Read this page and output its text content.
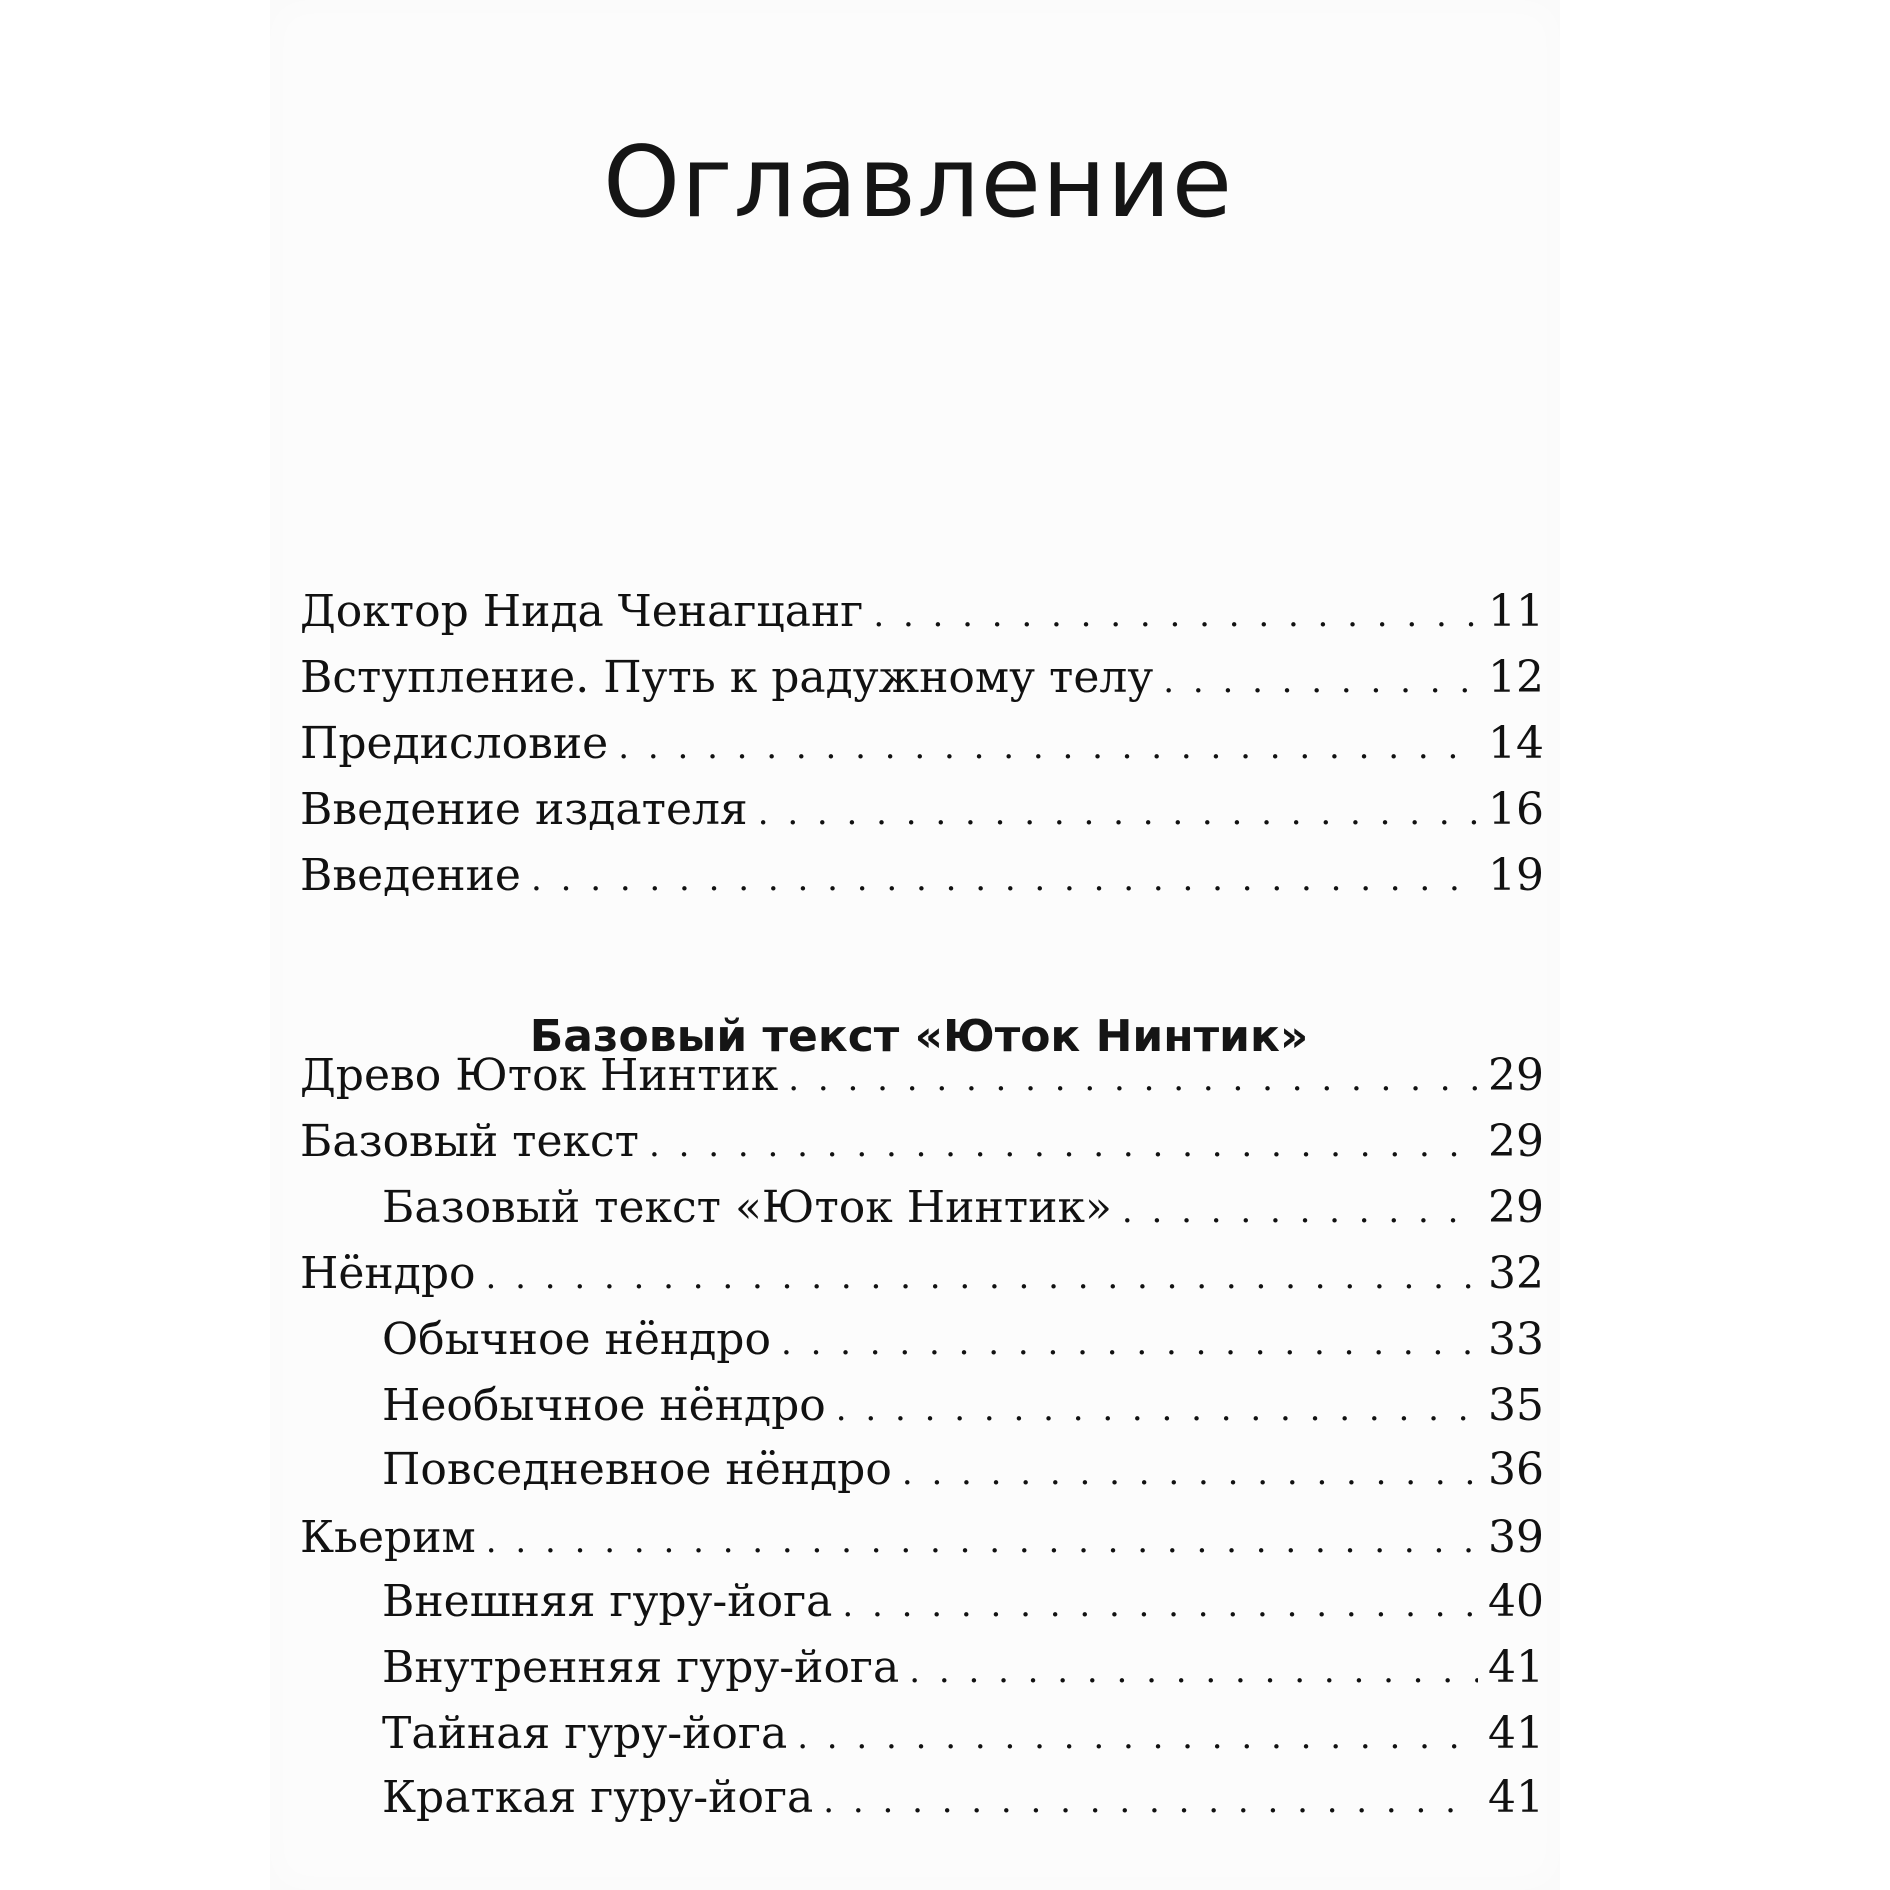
Оглавление
Доктор Нида Ченагцанг . . .	11
Вступление. Путь к радужному телу . . .	12
Предисловие . . .	14
Введение издателя . . .	16
Введение . . .	19
Базовый текст «Юток Нинтик»
Древо Юток Нинтик . . .	29
Базовый текст . . .	29
Базовый текст «Юток Нинтик» . . .	29
Нёндро . . .	32
Обычное нёндро . . .	33
Необычное нёндро . . .	35
Повседневное нёндро . . .	36
Кьерим . . .	39
Внешняя гуру-йога . . .	40
Внутренняя гуру-йога . . .	41
Тайная гуру-йога . . .	41
Краткая гуру-йога . . .	41
